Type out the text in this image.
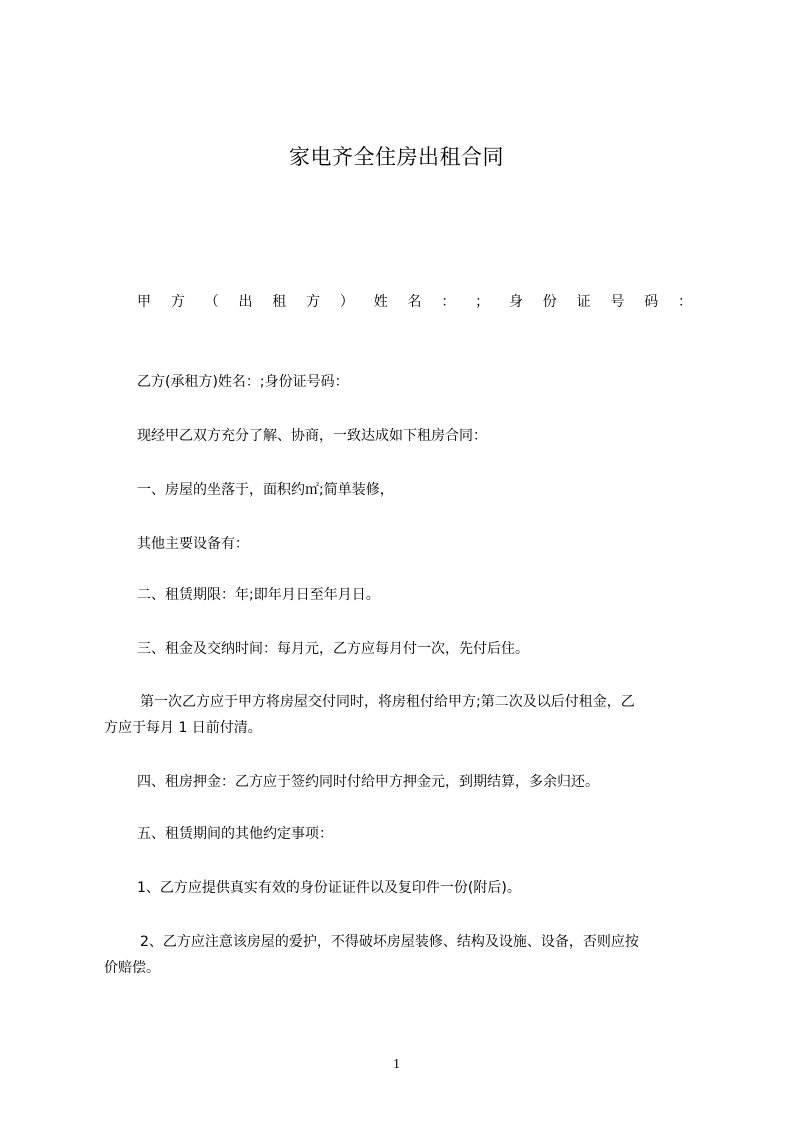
家电齐全住房出租合同
甲 方 （ 出 租 方 ） 姓 名 ： ； 身 份 证 号 码 ：
乙方(承租方)姓名：;身份证号码：
现经甲乙双方充分了解、协商，一致达成如下租房合同：
一、房屋的坐落于，面积约㎡;简单装修，
其他主要设备有：
二、租赁期限：年;即年月日至年月日。
三、租金及交纳时间：每月元，乙方应每月付一次，先付后住。
第一次乙方应于甲方将房屋交付同时，将房租付给甲方;第二次及以后付租金，乙
方应于每月 1 日前付清。
四、租房押金：乙方应于签约同时付给甲方押金元，到期结算，多余归还。
五、租赁期间的其他约定事项：
1、乙方应提供真实有效的身份证证件以及复印件一份(附后)。
2、乙方应注意该房屋的爱护，不得破坏房屋装修、结构及设施、设备，否则应按
价赔偿。
1
